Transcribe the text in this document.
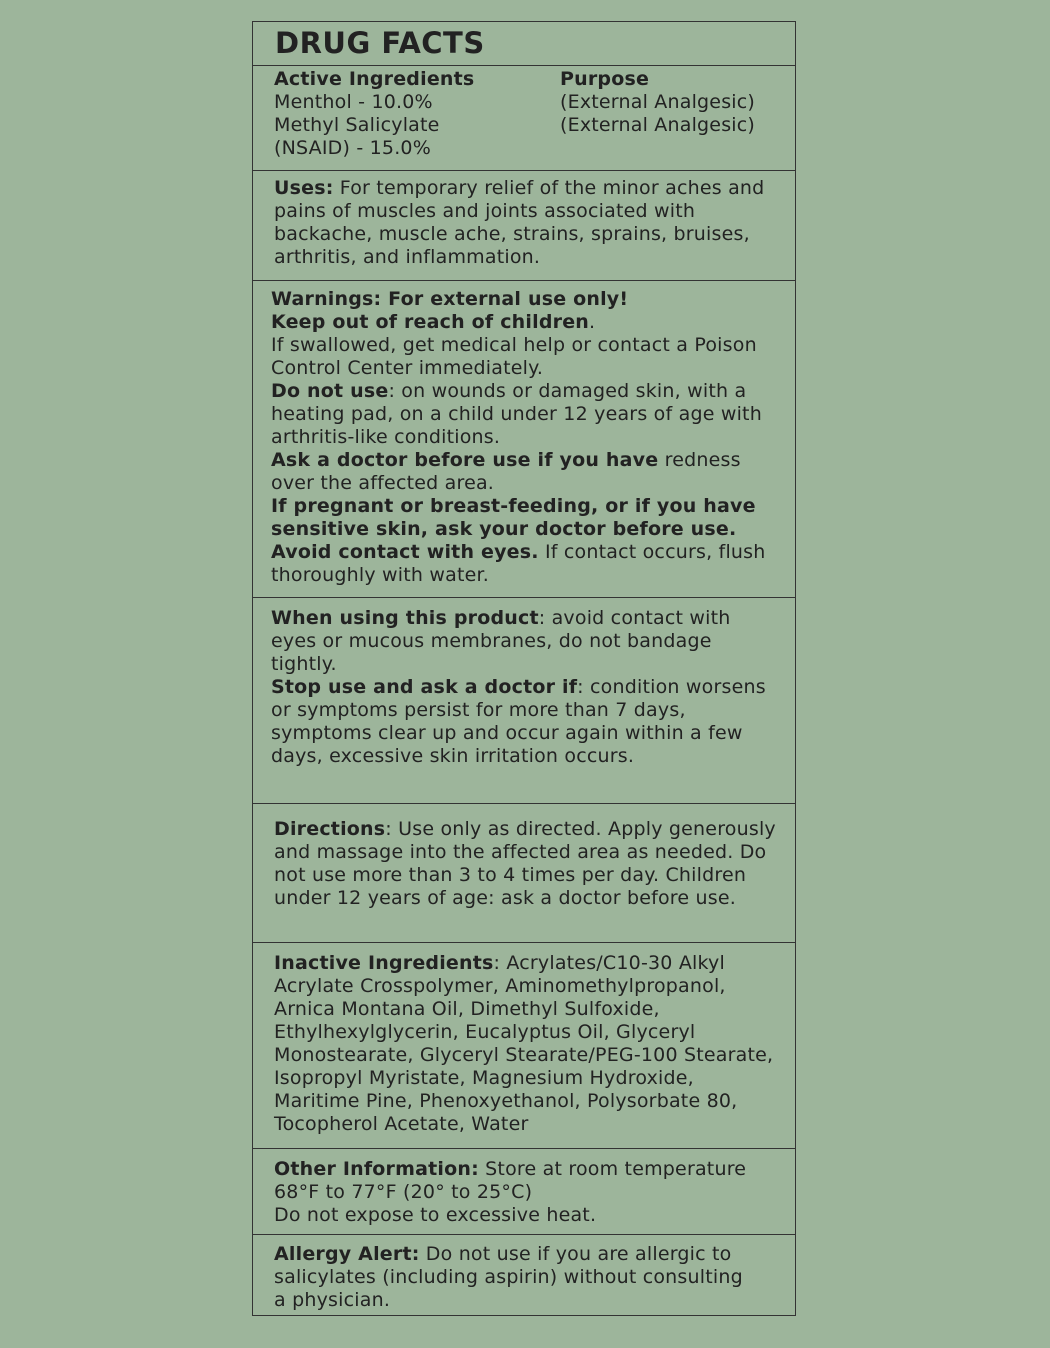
DRUG FACTS

Active Ingredients

Menthol - 10.0%

Methyl Salicylate

(NSAID) - 15.0%

Purpose

(External Analgesic)

(External Analgesic)

Uses: For temporary relief of the minor aches and pains of muscles and joints associated with backache, muscle ache, strains, sprains, bruises, arthritis, and inflammation.

Warnings: For external use only!

Keep out of reach of children.

If swallowed, get medical help or contact a Poison Control Center immediately.

Do not use: on wounds or damaged skin, with a heating pad, on a child under 12 years of age with arthritis-like conditions.

Ask a doctor before use if you have redness over the affected area.

If pregnant or breast-feeding, or if you have sensitive skin, ask your doctor before use.

Avoid contact with eyes. If contact occurs, flush thoroughly with water.

When using this product: avoid contact with eyes or mucous membranes, do not bandage tightly.

Stop use and ask a doctor if: condition worsens or symptoms persist for more than 7 days, symptoms clear up and occur again within a few days, excessive skin irritation occurs.

Directions: Use only as directed. Apply generously and massage into the affected area as needed. Do not use more than 3 to 4 times per day. Children under 12 years of age: ask a doctor before use.

Inactive Ingredients: Acrylates/C10-30 Alkyl Acrylate Crosspolymer, Aminomethylpropanol, Arnica Montana Oil, Dimethyl Sulfoxide, Ethylhexylglycerin, Eucalyptus Oil, Glyceryl Monostearate, Glyceryl Stearate/PEG-100 Stearate, Isopropyl Myristate, Magnesium Hydroxide, Maritime Pine, Phenoxyethanol, Polysorbate 80, Tocopherol Acetate, Water

Other Information: Store at room temperature 68°F to 77°F (20° to 25°C)

Do not expose to excessive heat.

Allergy Alert: Do not use if you are allergic to salicylates (including aspirin) without consulting a physician.
